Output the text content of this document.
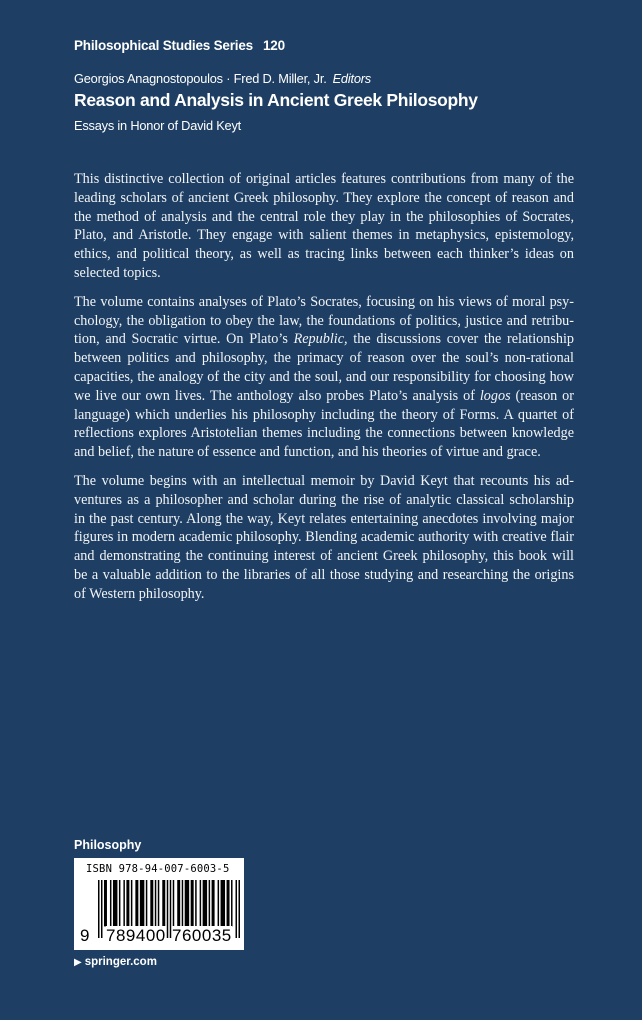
Philosophical Studies Series 120
Georgios Anagnostopoulos · Fred D. Miller, Jr. Editors
Reason and Analysis in Ancient Greek Philosophy
Essays in Honor of David Keyt

This distinctive collection of original articles features contributions from many of the
leading scholars of ancient Greek philosophy. They explore the concept of reason and
the method of analysis and the central role they play in the philosophies of Socrates,
Plato, and Aristotle. They engage with salient themes in metaphysics, epistemology,
ethics, and political theory, as well as tracing links between each thinker’s ideas on
selected topics.

The volume contains analyses of Plato’s Socrates, focusing on his views of moral psy-
chology, the obligation to obey the law, the foundations of politics, justice and retribu-
tion, and Socratic virtue. On Plato’s Republic, the discussions cover the relationship
between politics and philosophy, the primacy of reason over the soul’s non-rational
capacities, the analogy of the city and the soul, and our responsibility for choosing how
we live our own lives. The anthology also probes Plato’s analysis of logos (reason or
language) which underlies his philosophy including the theory of Forms. A quartet of
reflections explores Aristotelian themes including the connections between knowledge
and belief, the nature of essence and function, and his theories of virtue and grace.

The volume begins with an intellectual memoir by David Keyt that recounts his ad-
ventures as a philosopher and scholar during the rise of analytic classical scholarship
in the past century. Along the way, Keyt relates entertaining anecdotes involving major
figures in modern academic philosophy. Blending academic authority with creative flair
and demonstrating the continuing interest of ancient Greek philosophy, this book will
be a valuable addition to the libraries of all those studying and researching the origins
of Western philosophy.

Philosophy
ISBN 978-94-007-6003-5
9 789400 760035
▶ springer.com
